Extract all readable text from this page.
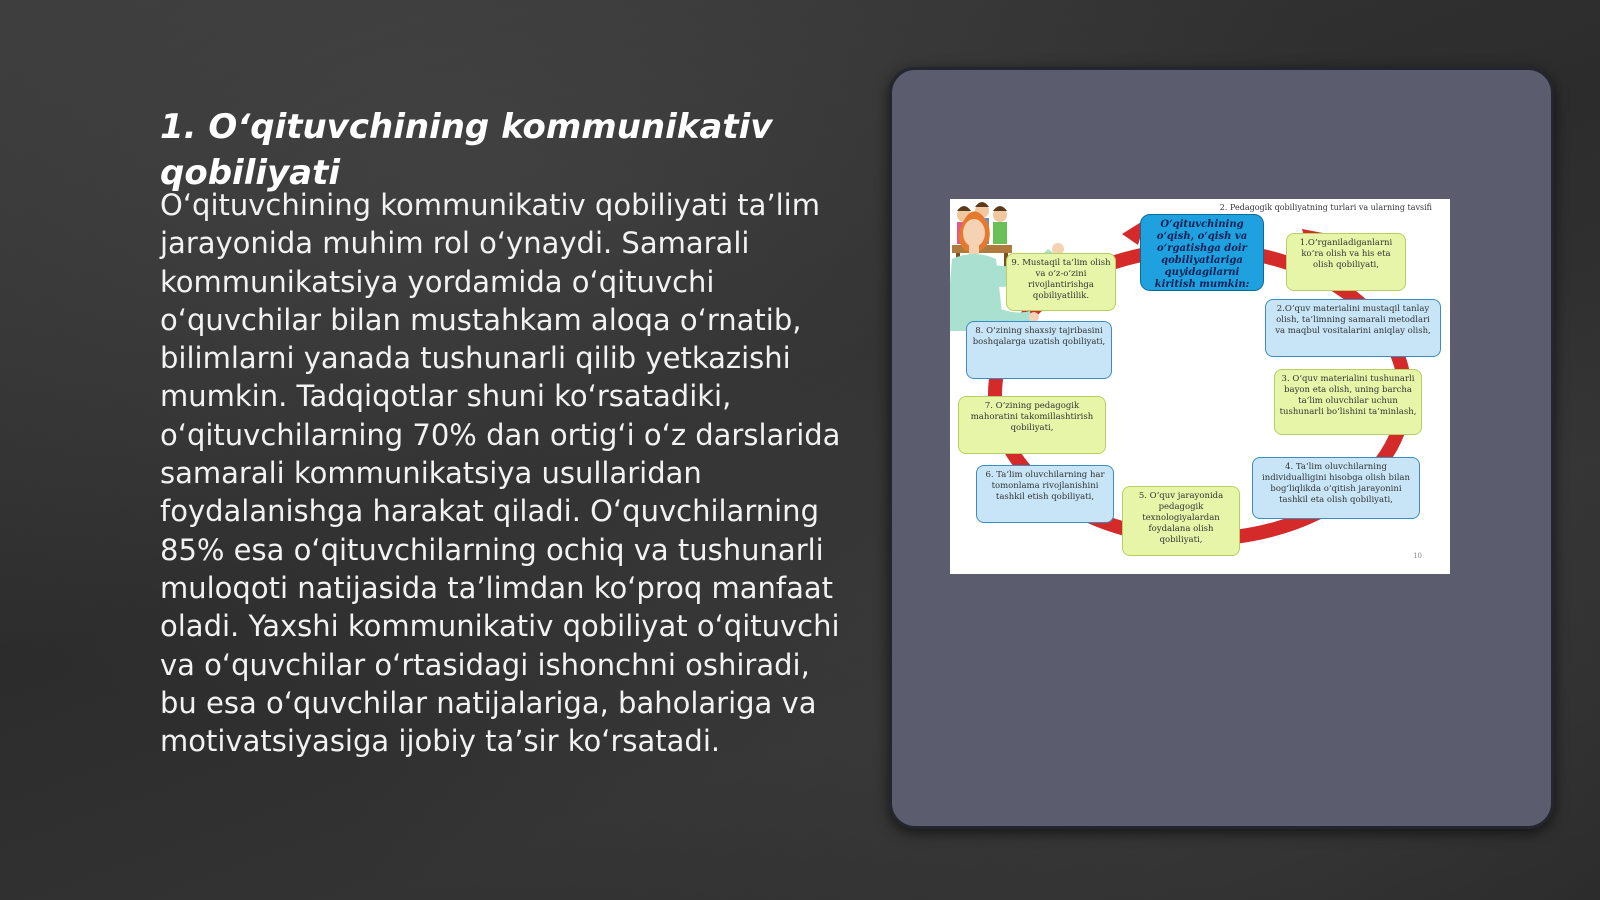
1. O‘qituvchining kommunikativ qobiliyati

O‘qituvchining kommunikativ qobiliyati ta’lim jarayonida muhim rol o‘ynaydi. Samarali kommunikatsiya yordamida o‘qituvchi o‘quvchilar bilan mustahkam aloqa o‘rnatib, bilimlarni yanada tushunarli qilib yetkazishi mumkin. Tadqiqotlar shuni ko‘rsatadiki, o‘qituvchilarning 70% dan ortig‘i o‘z darslarida samarali kommunikatsiya usullaridan foydalanishga harakat qiladi. O‘quvchilarning 85% esa o‘qituvchilarning ochiq va tushunarli muloqoti natijasida ta’limdan ko‘proq manfaat oladi. Yaxshi kommunikativ qobiliyat o‘qituvchi va o‘quvchilar o‘rtasidagi ishonchni oshiradi, bu esa o‘quvchilar natijalariga, baholariga va motivatsiyasiga ijobiy ta’sir ko‘rsatadi.

2. Pedagogik qobiliyatning turlari va ularning tavsifi
O‘qituvchining o‘qish, o‘qish va o‘rgatishga doir qobiliyatlariga quyidagilarni kiritish mumkin:
1.O‘rganiladiganlarni ko‘ra olish va his eta olish qobiliyati,
2.O‘quv materialini mustaqil tanlay olish, ta’limning samarali metodlari va maqbul vositalarini aniqlay olish,
3. O‘quv materialini tushunarli bayon eta olish, uning barcha ta’lim oluvchilar uchun tushunarli bo‘lishini ta’minlash,
4. Ta’lim oluvchilarning individualligini hisobga olish bilan bog‘liqlikda o‘qitish jarayonini tashkil eta olish qobiliyati,
5. O‘quv jarayonida pedagogik texnologiyalardan foydalana olish qobiliyati,
6. Ta’lim oluvchilarning har tomonlama rivojlanishini tashkil etish qobiliyati,
7. O‘zining pedagogik mahoratini takomillashtirish qobiliyati,
8. O‘zining shaxsiy tajribasini boshqalarga uzatish qobiliyati,
9. Mustaqil ta’lim olish va o‘z-o‘zini rivojlantirishga qobiliyatlilik.
10
